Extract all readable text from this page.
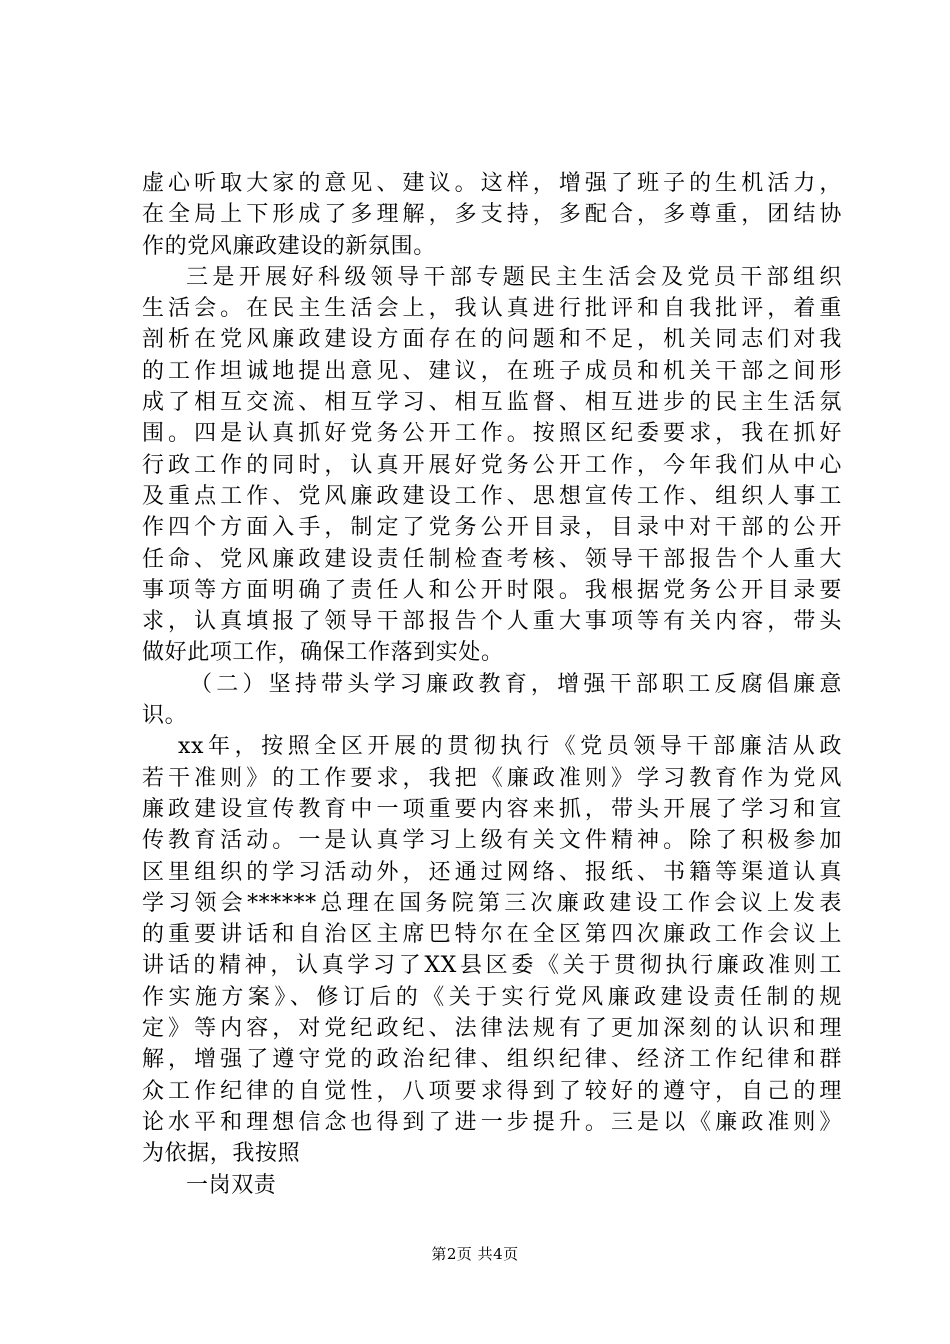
虚心听取大家的意见、建议。这样，增强了班子的生机活力，
在全局上下形成了多理解，多支持，多配合，多尊重，团结协
作的党风廉政建设的新氛围。
三是开展好科级领导干部专题民主生活会及党员干部组织
生活会。在民主生活会上，我认真进行批评和自我批评，着重
剖析在党风廉政建设方面存在的问题和不足，机关同志们对我
的工作坦诚地提出意见、建议，在班子成员和机关干部之间形
成了相互交流、相互学习、相互监督、相互进步的民主生活氛
围。四是认真抓好党务公开工作。按照区纪委要求，我在抓好
行政工作的同时，认真开展好党务公开工作，今年我们从中心
及重点工作、党风廉政建设工作、思想宣传工作、组织人事工
作四个方面入手，制定了党务公开目录，目录中对干部的公开
任命、党风廉政建设责任制检查考核、领导干部报告个人重大
事项等方面明确了责任人和公开时限。我根据党务公开目录要
求，认真填报了领导干部报告个人重大事项等有关内容，带头
做好此项工作，确保工作落到实处。
（二）坚持带头学习廉政教育，增强干部职工反腐倡廉意
识。
xx年，按照全区开展的贯彻执行《党员领导干部廉洁从政
若干准则》的工作要求，我把《廉政准则》学习教育作为党风
廉政建设宣传教育中一项重要内容来抓，带头开展了学习和宣
传教育活动。一是认真学习上级有关文件精神。除了积极参加
区里组织的学习活动外，还通过网络、报纸、书籍等渠道认真
学习领会******总理在国务院第三次廉政建设工作会议上发表
的重要讲话和自治区主席巴特尔在全区第四次廉政工作会议上
讲话的精神，认真学习了XX县区委《关于贯彻执行廉政准则工
作实施方案》、修订后的《关于实行党风廉政建设责任制的规
定》等内容，对党纪政纪、法律法规有了更加深刻的认识和理
解，增强了遵守党的政治纪律、组织纪律、经济工作纪律和群
众工作纪律的自觉性，八项要求得到了较好的遵守，自己的理
论水平和理想信念也得到了进一步提升。三是以《廉政准则》
为依据，我按照
一岗双责
第2页 共4页
